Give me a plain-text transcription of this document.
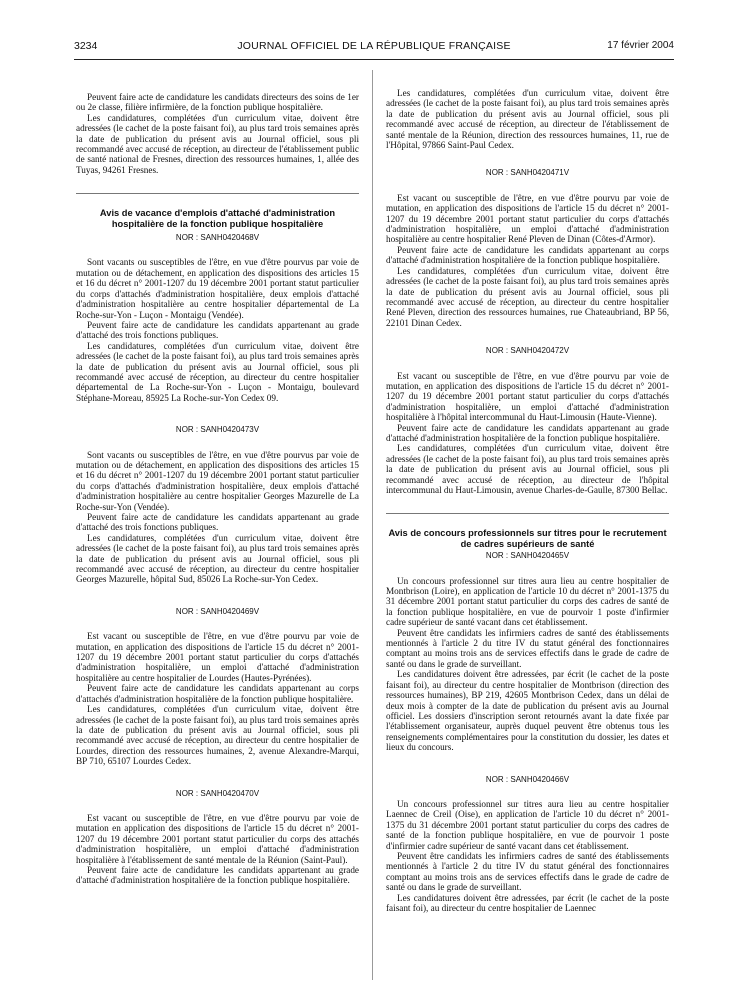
3234	JOURNAL OFFICIEL DE LA RÉPUBLIQUE FRANÇAISE	17 février 2004

Peuvent faire acte de candidature les candidats directeurs des soins de 1er ou 2e classe, filière infirmière, de la fonction publique hospitalière.

Les candidatures, complétées d'un curriculum vitae, doivent être adressées (le cachet de la poste faisant foi), au plus tard trois semaines après la date de publication du présent avis au Journal officiel, sous pli recommandé avec accusé de réception, au directeur de l'établissement public de santé national de Fresnes, direction des ressources humaines, 1, allée des Tuyas, 94261 Fresnes.

Avis de vacance d'emplois d'attaché d'administration hospitalière de la fonction publique hospitalière
NOR : SANH0420468V

Sont vacants ou susceptibles de l'être, en vue d'être pourvus par voie de mutation ou de détachement, en application des dispositions des articles 15 et 16 du décret n° 2001-1207 du 19 décembre 2001 portant statut particulier du corps d'attachés d'administration hospitalière, deux emplois d'attaché d'administration hospitalière au centre hospitalier départemental de La Roche-sur-Yon - Luçon - Montaigu (Vendée).

Peuvent faire acte de candidature les candidats appartenant au grade d'attaché des trois fonctions publiques.

Les candidatures, complétées d'un curriculum vitae, doivent être adressées (le cachet de la poste faisant foi), au plus tard trois semaines après la date de publication du présent avis au Journal officiel, sous pli recommandé avec accusé de réception, au directeur du centre hospitalier départemental de La Roche-sur-Yon - Luçon - Montaigu, boulevard Stéphane-Moreau, 85925 La Roche-sur-Yon Cedex 09.

NOR : SANH0420473V

Sont vacants ou susceptibles de l'être, en vue d'être pourvus par voie de mutation ou de détachement, en application des dispositions des articles 15 et 16 du décret n° 2001-1207 du 19 décembre 2001 portant statut particulier du corps d'attachés d'administration hospitalière, deux emplois d'attaché d'administration hospitalière au centre hospitalier Georges Mazurelle de La Roche-sur-Yon (Vendée).

Peuvent faire acte de candidature les candidats appartenant au grade d'attaché des trois fonctions publiques.

Les candidatures, complétées d'un curriculum vitae, doivent être adressées (le cachet de la poste faisant foi), au plus tard trois semaines après la date de publication du présent avis au Journal officiel, sous pli recommandé avec accusé de réception, au directeur du centre hospitalier Georges Mazurelle, hôpital Sud, 85026 La Roche-sur-Yon Cedex.

NOR : SANH0420469V

Est vacant ou susceptible de l'être, en vue d'être pourvu par voie de mutation, en application des dispositions de l'article 15 du décret n° 2001-1207 du 19 décembre 2001 portant statut particulier du corps d'attachés d'administration hospitalière, un emploi d'attaché d'administration hospitalière au centre hospitalier de Lourdes (Hautes-Pyrénées).

Peuvent faire acte de candidature les candidats appartenant au corps d'attachés d'administration hospitalière de la fonction publique hospitalière.

Les candidatures, complétées d'un curriculum vitae, doivent être adressées (le cachet de la poste faisant foi), au plus tard trois semaines après la date de publication du présent avis au Journal officiel, sous pli recommandé avec accusé de réception, au directeur du centre hospitalier de Lourdes, direction des ressources humaines, 2, avenue Alexandre-Marqui, BP 710, 65107 Lourdes Cedex.

NOR : SANH0420470V

Est vacant ou susceptible de l'être, en vue d'être pourvu par voie de mutation en application des dispositions de l'article 15 du décret n° 2001-1207 du 19 décembre 2001 portant statut particulier du corps des attachés d'administration hospitalière, un emploi d'attaché d'administration hospitalière à l'établissement de santé mentale de la Réunion (Saint-Paul).

Peuvent faire acte de candidature les candidats appartenant au grade d'attaché d'administration hospitalière de la fonction publique hospitalière.

Les candidatures, complétées d'un curriculum vitae, doivent être adressées (le cachet de la poste faisant foi), au plus tard trois semaines après la date de publication du présent avis au Journal officiel, sous pli recommandé avec accusé de réception, au directeur de l'établissement de santé mentale de la Réunion, direction des ressources humaines, 11, rue de l'Hôpital, 97866 Saint-Paul Cedex.

NOR : SANH0420471V

Est vacant ou susceptible de l'être, en vue d'être pourvu par voie de mutation, en application des dispositions de l'article 15 du décret n° 2001-1207 du 19 décembre 2001 portant statut particulier du corps d'attachés d'administration hospitalière, un emploi d'attaché d'administration hospitalière au centre hospitalier René Pleven de Dinan (Côtes-d'Armor).

Peuvent faire acte de candidature les candidats appartenant au corps d'attaché d'administration hospitalière de la fonction publique hospitalière.

Les candidatures, complétées d'un curriculum vitae, doivent être adressées (le cachet de la poste faisant foi), au plus tard trois semaines après la date de publication du présent avis au Journal officiel, sous pli recommandé avec accusé de réception, au directeur du centre hospitalier René Pleven, direction des ressources humaines, rue Chateaubriand, BP 56, 22101 Dinan Cedex.

NOR : SANH0420472V

Est vacant ou susceptible de l'être, en vue d'être pourvu par voie de mutation, en application des dispositions de l'article 15 du décret n° 2001-1207 du 19 décembre 2001 portant statut particulier du corps d'attachés d'administration hospitalière, un emploi d'attaché d'administration hospitalière à l'hôpital intercommunal du Haut-Limousin (Haute-Vienne).

Peuvent faire acte de candidature les candidats appartenant au grade d'attaché d'administration hospitalière de la fonction publique hospitalière.

Les candidatures, complétées d'un curriculum vitae, doivent être adressées (le cachet de la poste faisant foi), au plus tard trois semaines après la date de publication du présent avis au Journal officiel, sous pli recommandé avec accusé de réception, au directeur de l'hôpital intercommunal du Haut-Limousin, avenue Charles-de-Gaulle, 87300 Bellac.

Avis de concours professionnels sur titres pour le recrutement de cadres supérieurs de santé
NOR : SANH0420465V

Un concours professionnel sur titres aura lieu au centre hospitalier de Montbrison (Loire), en application de l'article 10 du décret n° 2001-1375 du 31 décembre 2001 portant statut particulier du corps des cadres de santé de la fonction publique hospitalière, en vue de pourvoir 1 poste d'infirmier cadre supérieur de santé vacant dans cet établissement.

Peuvent être candidats les infirmiers cadres de santé des établissements mentionnés à l'article 2 du titre IV du statut général des fonctionnaires comptant au moins trois ans de services effectifs dans le grade de cadre de santé ou dans le grade de surveillant.

Les candidatures doivent être adressées, par écrit (le cachet de la poste faisant foi), au directeur du centre hospitalier de Montbrison (direction des ressources humaines), BP 219, 42605 Montbrison Cedex, dans un délai de deux mois à compter de la date de publication du présent avis au Journal officiel. Les dossiers d'inscription seront retournés avant la date fixée par l'établissement organisateur, auprès duquel peuvent être obtenus tous les renseignements complémentaires pour la constitution du dossier, les dates et lieux du concours.

NOR : SANH0420466V

Un concours professionnel sur titres aura lieu au centre hospitalier Laennec de Creil (Oise), en application de l'article 10 du décret n° 2001-1375 du 31 décembre 2001 portant statut particulier du corps des cadres de santé de la fonction publique hospitalière, en vue de pourvoir 1 poste d'infirmier cadre supérieur de santé vacant dans cet établissement.

Peuvent être candidats les infirmiers cadres de santé des établissements mentionnés à l'article 2 du titre IV du statut général des fonctionnaires comptant au moins trois ans de services effectifs dans le grade de cadre de santé ou dans le grade de surveillant.

Les candidatures doivent être adressées, par écrit (le cachet de la poste faisant foi), au directeur du centre hospitalier de Laennec
